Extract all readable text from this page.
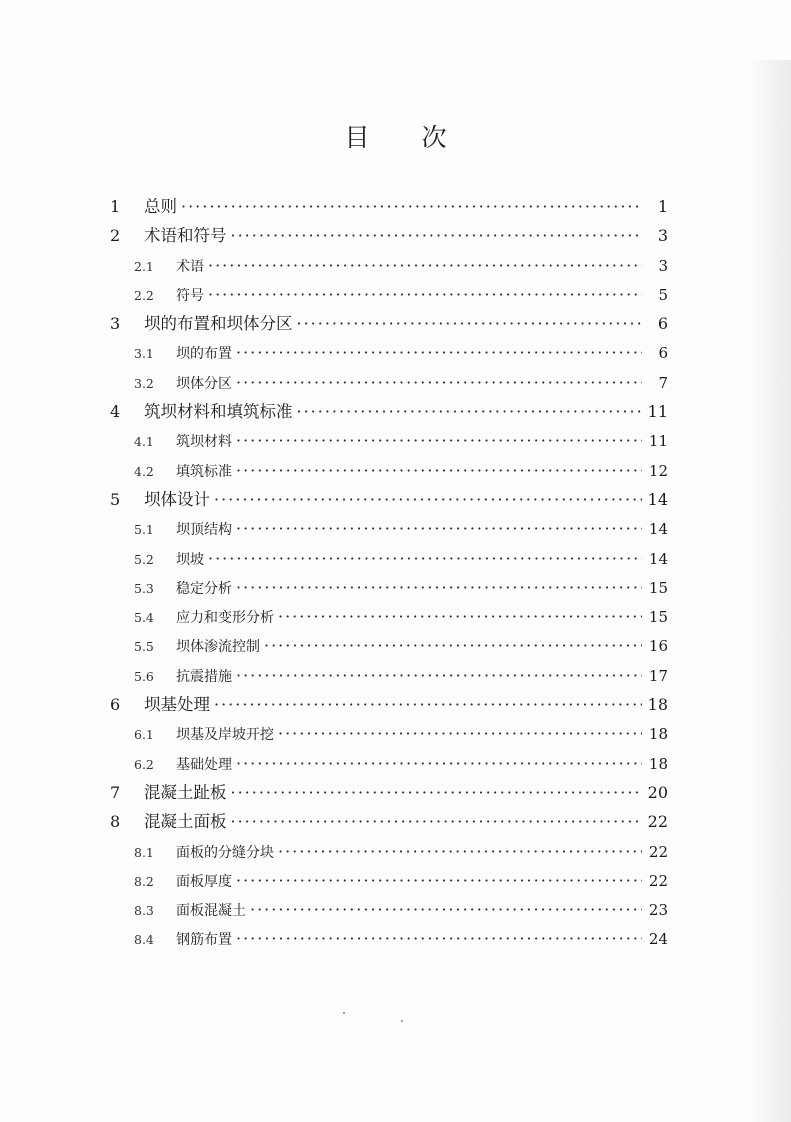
目 次
1	总则 ·····	1
2	术语和符号 ·····	3
2.1	术语 ·····	3
2.2	符号 ·····	5
3	坝的布置和坝体分区 ·····	6
3.1	坝的布置 ·····	6
3.2	坝体分区 ·····	7
4	筑坝材料和填筑标准 ·····	11
4.1	筑坝材料 ·····	11
4.2	填筑标准 ·····	12
5	坝体设计 ·····	14
5.1	坝顶结构 ·····	14
5.2	坝坡 ·····	14
5.3	稳定分析 ·····	15
5.4	应力和变形分析 ·····	15
5.5	坝体渗流控制 ·····	16
5.6	抗震措施 ·····	17
6	坝基处理 ·····	18
6.1	坝基及岸坡开挖 ·····	18
6.2	基础处理 ·····	18
7	混凝土趾板 ·····	20
8	混凝土面板 ·····	22
8.1	面板的分缝分块 ·····	22
8.2	面板厚度 ·····	22
8.3	面板混凝土 ·····	23
8.4	钢筋布置 ·····	24
